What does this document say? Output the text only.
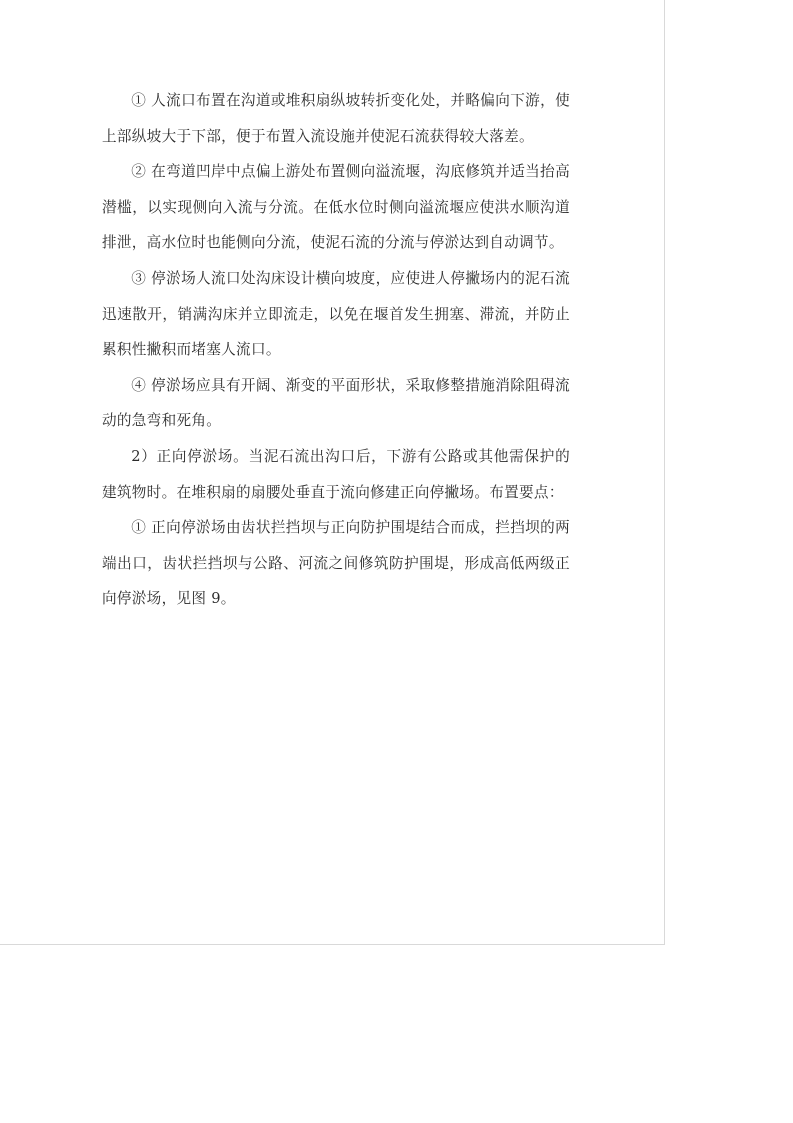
① 人流口布置在沟道或堆积扇纵坡转折变化处，并略偏向下游，使上部纵坡大于下部，便于布置入流设施并使泥石流获得较大落差。

② 在弯道凹岸中点偏上游处布置侧向溢流堰，沟底修筑并适当抬高潜槛，以实现侧向入流与分流。在低水位时侧向溢流堰应使洪水顺沟道排泄，高水位时也能侧向分流，使泥石流的分流与停淤达到自动调节。

③ 停淤场人流口处沟床设计横向坡度，应使进人停撇场内的泥石流迅速散开，销满沟床并立即流走，以免在堰首发生拥塞、滞流，并防止累积性撇积而堵塞人流口。

④ 停淤场应具有开阔、渐变的平面形状，采取修整措施消除阻碍流动的急弯和死角。

2）正向停淤场。当泥石流出沟口后，下游有公路或其他需保护的建筑物时。在堆积扇的扇腰处垂直于流向修建正向停撇场。布置要点：

① 正向停淤场由齿状拦挡坝与正向防护围堤结合而成，拦挡坝的两端出口，齿状拦挡坝与公路、河流之间修筑防护围堤，形成高低两级正向停淤场，见图 9。
